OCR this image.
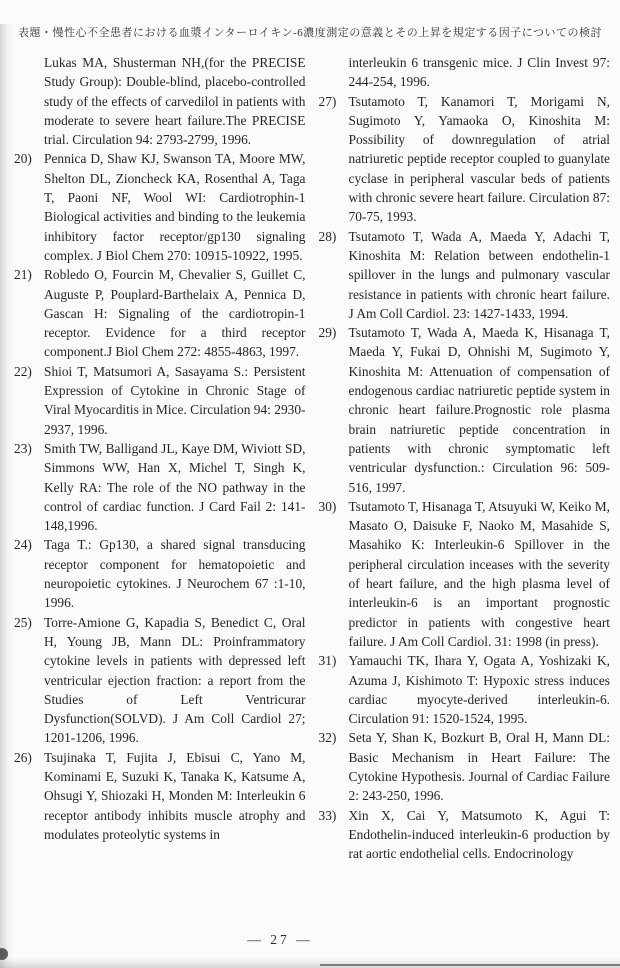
表題・慢性心不全患者における血漿インターロイキン-6濃度測定の意義とその上昇を規定する因子についての検討
Lukas MA, Shusterman NH,(for the PRECISE Study Group): Double-blind, placebo-controlled study of the effects of carvedilol in patients with moderate to severe heart failure.The PRECISE trial. Circulation 94: 2793-2799, 1996.
20) Pennica D, Shaw KJ, Swanson TA, Moore MW, Shelton DL, Zioncheck KA, Rosenthal A, Taga T, Paoni NF, Wool WI: Cardiotrophin-1 Biological activities and binding to the leukemia inhibitory factor receptor/gp130 signaling complex. J Biol Chem 270: 10915-10922, 1995.
21) Robledo O, Fourcin M, Chevalier S, Guillet C, Auguste P, Pouplard-Barthelaix A, Pennica D, Gascan H: Signaling of the cardiotropin-1 receptor. Evidence for a third receptor component.J Biol Chem 272: 4855-4863, 1997.
22) Shioi T, Matsumori A, Sasayama S.: Persistent Expression of Cytokine in Chronic Stage of Viral Myocarditis in Mice. Circulation 94: 2930-2937, 1996.
23) Smith TW, Balligand JL, Kaye DM, Wiviott SD, Simmons WW, Han X, Michel T, Singh K, Kelly RA: The role of the NO pathway in the control of cardiac function. J Card Fail 2: 141-148,1996.
24) Taga T.: Gp130, a shared signal transducing receptor component for hematopoietic and neuropoietic cytokines. J Neurochem 67 :1-10, 1996.
25) Torre-Amione G, Kapadia S, Benedict C, Oral H, Young JB, Mann DL: Proinframmatory cytokine levels in patients with depressed left ventricular ejection fraction: a report from the Studies of Left Ventricurar Dysfunction(SOLVD). J Am Coll Cardiol 27; 1201-1206, 1996.
26) Tsujinaka T, Fujita J, Ebisui C, Yano M, Kominami E, Suzuki K, Tanaka K, Katsume A, Ohsugi Y, Shiozaki H, Monden M: Interleukin 6 receptor antibody inhibits muscle atrophy and modulates proteolytic systems in
interleukin 6 transgenic mice. J Clin Invest 97: 244-254, 1996.
27) Tsutamoto T, Kanamori T, Morigami N, Sugimoto Y, Yamaoka O, Kinoshita M: Possibility of downregulation of atrial natriuretic peptide receptor coupled to guanylate cyclase in peripheral vascular beds of patients with chronic severe heart failure. Circulation 87: 70-75, 1993.
28) Tsutamoto T, Wada A, Maeda Y, Adachi T, Kinoshita M: Relation between endothelin-1 spillover in the lungs and pulmonary vascular resistance in patients with chronic heart failure. J Am Coll Cardiol. 23: 1427-1433, 1994.
29) Tsutamoto T, Wada A, Maeda K, Hisanaga T, Maeda Y, Fukai D, Ohnishi M, Sugimoto Y, Kinoshita M: Attenuation of compensation of endogenous cardiac natriuretic peptide system in chronic heart failure.Prognostic role plasma brain natriuretic peptide concentration in patients with chronic symptomatic left ventricular dysfunction.: Circulation 96: 509-516, 1997.
30) Tsutamoto T, Hisanaga T, Atsuyuki W, Keiko M, Masato O, Daisuke F, Naoko M, Masahide S, Masahiko K: Interleukin-6 Spillover in the peripheral circulation inceases with the severity of heart failure, and the high plasma level of interleukin-6 is an important prognostic predictor in patients with congestive heart failure. J Am Coll Cardiol. 31: 1998 (in press).
31) Yamauchi TK, Ihara Y, Ogata A, Yoshizaki K, Azuma J, Kishimoto T: Hypoxic stress induces cardiac myocyte-derived interleukin-6. Circulation 91: 1520-1524, 1995.
32) Seta Y, Shan K, Bozkurt B, Oral H, Mann DL: Basic Mechanism in Heart Failure: The Cytokine Hypothesis. Journal of Cardiac Failure 2: 243-250, 1996.
33) Xin X, Cai Y, Matsumoto K, Agui T: Endothelin-induced interleukin-6 production by rat aortic endothelial cells. Endocrinology
— 27 —
